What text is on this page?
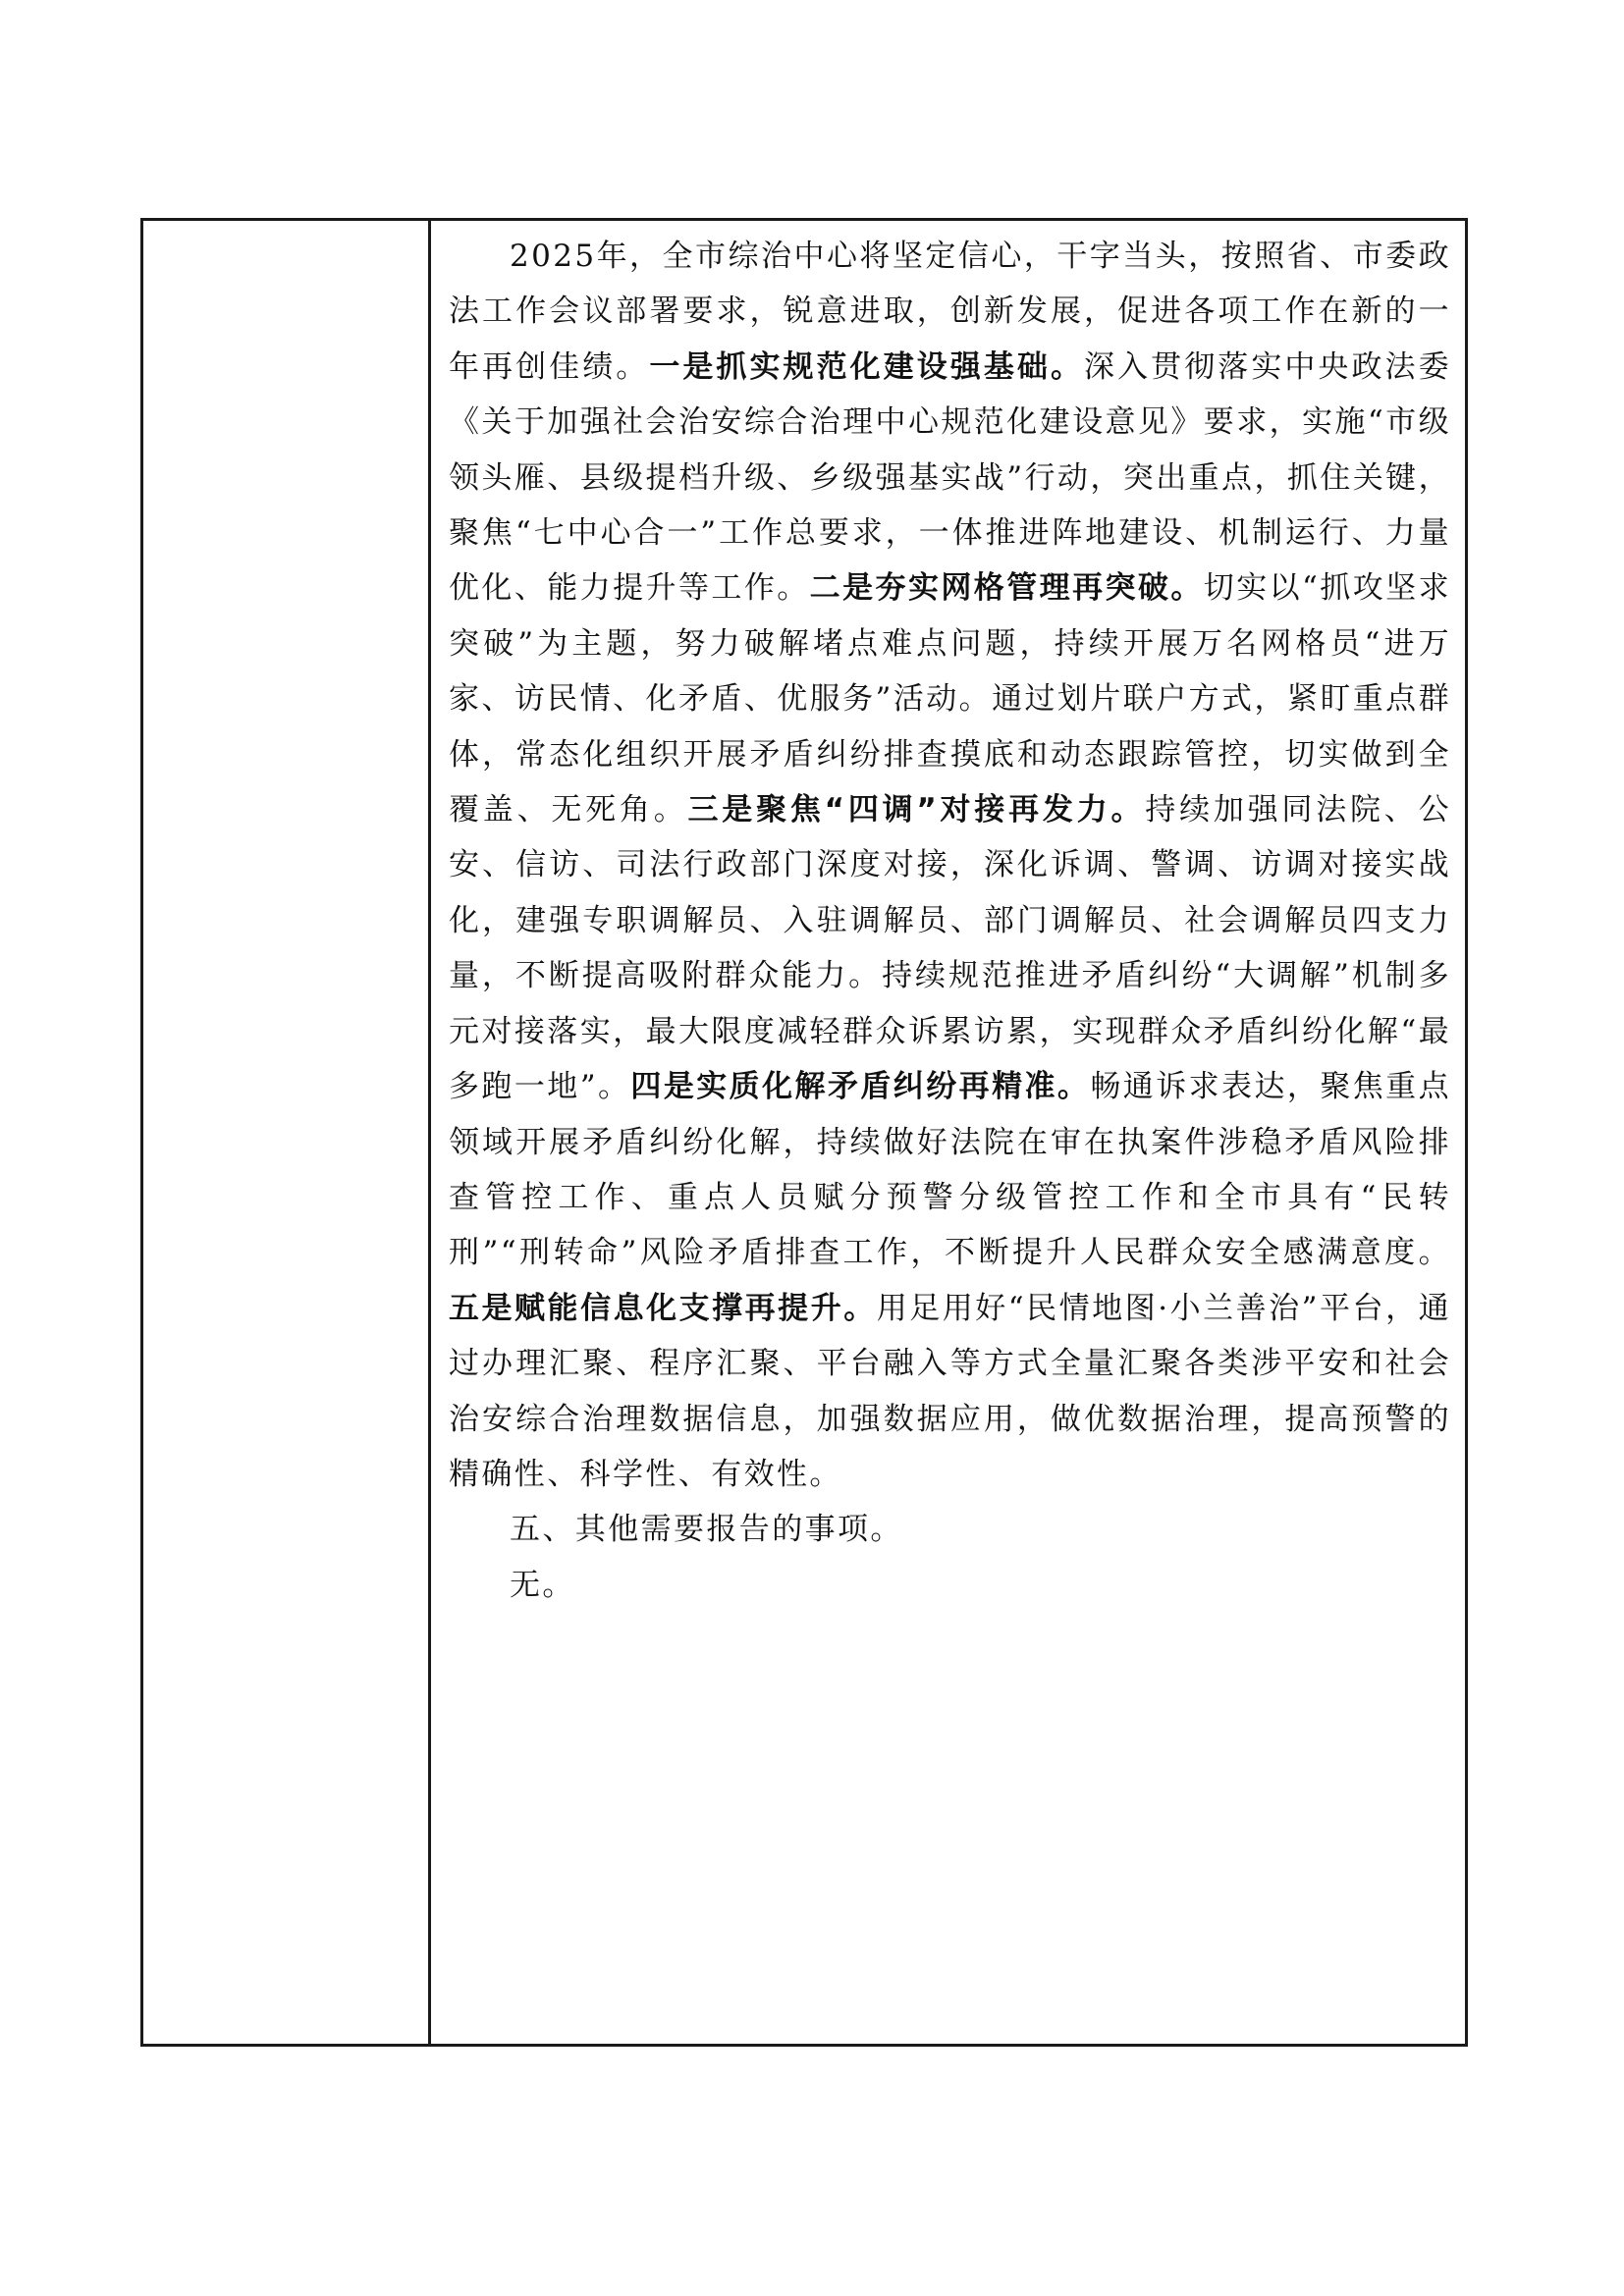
2025年，全市综治中心将坚定信心，干字当头，按照省、市委政法工作会议部署要求，锐意进取，创新发展，促进各项工作在新的一年再创佳绩。一是抓实规范化建设强基础。深入贯彻落实中央政法委《关于加强社会治安综合治理中心规范化建设意见》要求，实施“市级领头雁、县级提档升级、乡级强基实战”行动，突出重点，抓住关键，聚焦“七中心合一”工作总要求，一体推进阵地建设、机制运行、力量优化、能力提升等工作。二是夯实网格管理再突破。切实以“抓攻坚求突破”为主题，努力破解堵点难点问题，持续开展万名网格员“进万家、访民情、化矛盾、优服务”活动。通过划片联户方式，紧盯重点群体，常态化组织开展矛盾纠纷排查摸底和动态跟踪管控，切实做到全覆盖、无死角。三是聚焦“四调”对接再发力。持续加强同法院、公安、信访、司法行政部门深度对接，深化诉调、警调、访调对接实战化，建强专职调解员、入驻调解员、部门调解员、社会调解员四支力量，不断提高吸附群众能力。持续规范推进矛盾纠纷“大调解”机制多元对接落实，最大限度减轻群众诉累访累，实现群众矛盾纠纷化解“最多跑一地”。四是实质化解矛盾纠纷再精准。畅通诉求表达，聚焦重点领域开展矛盾纠纷化解，持续做好法院在审在执案件涉稳矛盾风险排查管控工作、重点人员赋分预警分级管控工作和全市具有“民转刑”“刑转命”风险矛盾排查工作，不断提升人民群众安全感满意度。五是赋能信息化支撑再提升。用足用好“民情地图·小兰善治”平台，通过办理汇聚、程序汇聚、平台融入等方式全量汇聚各类涉平安和社会治安综合治理数据信息，加强数据应用，做优数据治理，提高预警的精确性、科学性、有效性。

五、其他需要报告的事项。

无。
